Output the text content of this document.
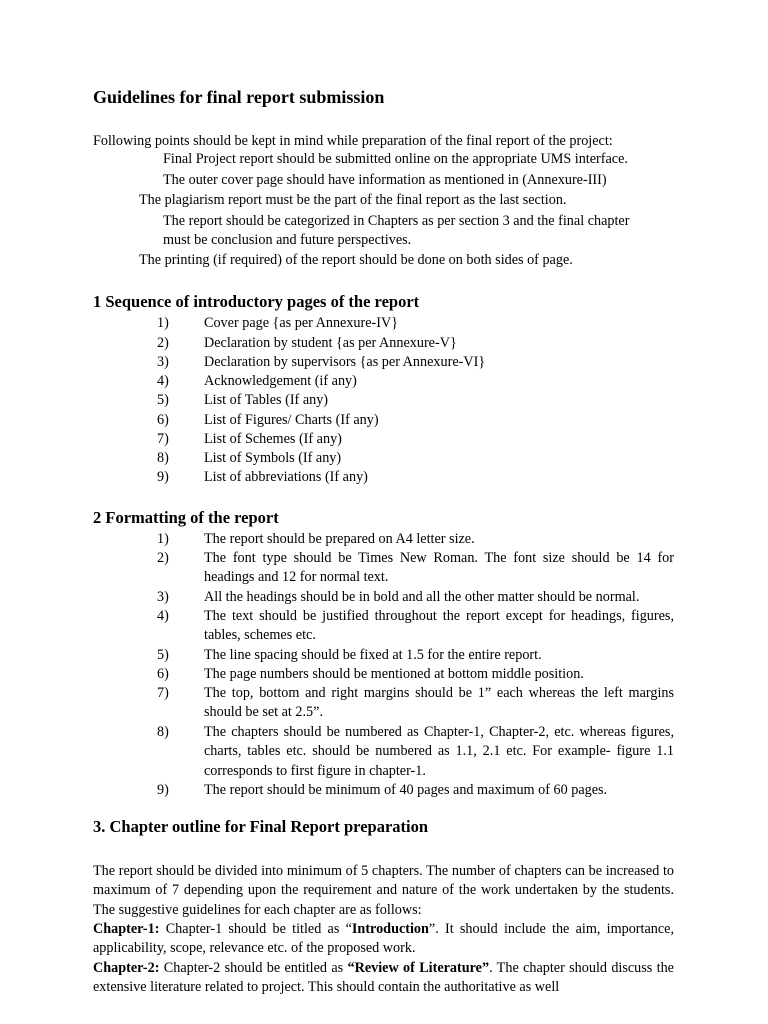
Guidelines for final report submission
Following points should be kept in mind while preparation of the final report of the project:
Final Project report should be submitted online on the appropriate UMS interface.
The outer cover page should have information as mentioned in (Annexure-III)
The plagiarism report must be the part of the final report as the last section.
The report should be categorized in Chapters as per section 3 and the final chapter
must be conclusion and future perspectives.
The printing (if required) of the report should be done on both sides of page.
1 Sequence of introductory pages of the report
1) Cover page {as per Annexure-IV}
2) Declaration by student {as per Annexure-V}
3) Declaration by supervisors {as per Annexure-VI}
4) Acknowledgement (if any)
5) List of Tables (If any)
6) List of Figures/ Charts (If any)
7) List of Schemes (If any)
8) List of Symbols (If any)
9) List of abbreviations (If any)
2 Formatting of the report
1) The report should be prepared on A4 letter size.
2) The font type should be Times New Roman. The font size should be 14 for headings and 12 for normal text.
3) All the headings should be in bold and all the other matter should be normal.
4) The text should be justified throughout the report except for headings, figures, tables, schemes etc.
5) The line spacing should be fixed at 1.5 for the entire report.
6) The page numbers should be mentioned at bottom middle position.
7) The top, bottom and right margins should be 1” each whereas the left margins should be set at 2.5”.
8) The chapters should be numbered as Chapter-1, Chapter-2, etc. whereas figures, charts, tables etc. should be numbered as 1.1, 2.1 etc. For example- figure 1.1 corresponds to first figure in chapter-1.
9) The report should be minimum of 40 pages and maximum of 60 pages.
3. Chapter outline for Final Report preparation
The report should be divided into minimum of 5 chapters. The number of chapters can be increased to maximum of 7 depending upon the requirement and nature of the work undertaken by the students. The suggestive guidelines for each chapter are as follows:
Chapter-1: Chapter-1 should be titled as “Introduction”. It should include the aim, importance, applicability, scope, relevance etc. of the proposed work.
Chapter-2: Chapter-2 should be entitled as “Review of Literature”. The chapter should discuss the extensive literature related to project. This should contain the authoritative as well
